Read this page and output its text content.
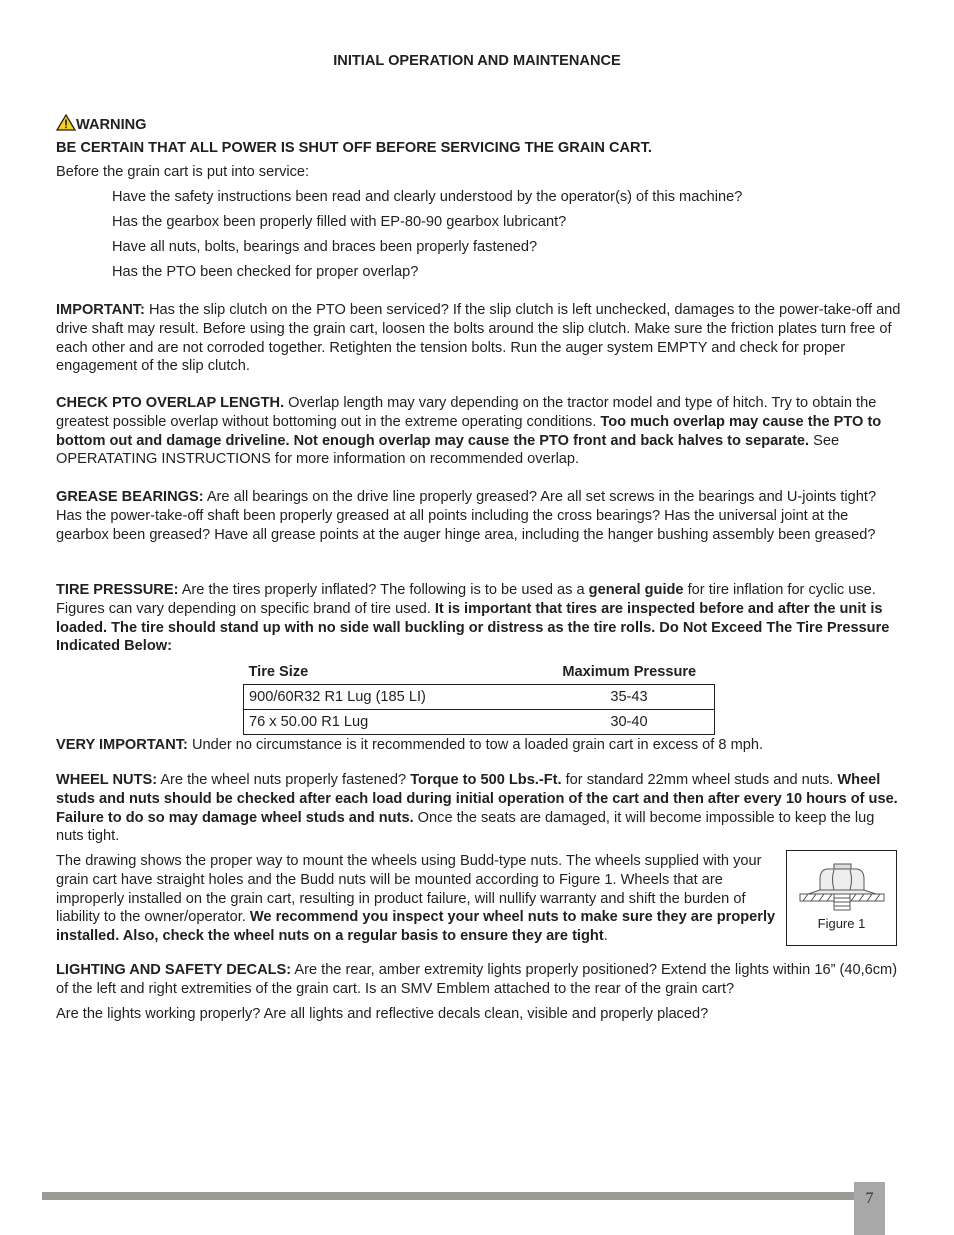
INITIAL OPERATION AND MAINTENANCE
WARNING
BE CERTAIN THAT ALL POWER IS SHUT OFF BEFORE SERVICING THE GRAIN CART.
Before the grain cart is put into service:
Have the safety instructions been read and clearly understood by the operator(s) of this machine?
Has the gearbox been properly filled with EP-80-90 gearbox lubricant?
Have all nuts, bolts, bearings and braces been properly fastened?
Has the PTO been checked for proper overlap?
IMPORTANT: Has the slip clutch on the PTO been serviced? If the slip clutch is left unchecked, damages to the power-take-off and drive shaft may result. Before using the grain cart, loosen the bolts around the slip clutch. Make sure the friction plates turn free of each other and are not corroded together. Retighten the tension bolts. Run the auger system EMPTY and check for proper engagement of the slip clutch.
CHECK PTO OVERLAP LENGTH. Overlap length may vary depending on the tractor model and type of hitch. Try to obtain the greatest possible overlap without bottoming out in the extreme operating conditions. Too much overlap may cause the PTO to bottom out and damage driveline. Not enough overlap may cause the PTO front and back halves to separate. See OPERATATING INSTRUCTIONS for more information on recommended overlap.
GREASE BEARINGS: Are all bearings on the drive line properly greased? Are all set screws in the bearings and U-joints tight? Has the power-take-off shaft been properly greased at all points including the cross bearings? Has the universal joint at the gearbox been greased? Have all grease points at the auger hinge area, including the hanger bushing assembly been greased?
TIRE PRESSURE: Are the tires properly inflated? The following is to be used as a general guide for tire inflation for cyclic use. Figures can vary depending on specific brand of tire used. It is important that tires are inspected before and after the unit is loaded. The tire should stand up with no side wall buckling or distress as the tire rolls. Do Not Exceed The Tire Pressure Indicated Below:
VERY IMPORTANT: Under no circumstance is it recommended to tow a loaded grain cart in excess of 8 mph.
WHEEL NUTS: Are the wheel nuts properly fastened? Torque to 500 Lbs.-Ft. for standard 22mm wheel studs and nuts. Wheel studs and nuts should be checked after each load during initial operation of the cart and then after every 10 hours of use. Failure to do so may damage wheel studs and nuts. Once the seats are damaged, it will become impossible to keep the lug nuts tight.
The drawing shows the proper way to mount the wheels using Budd-type nuts. The wheels supplied with your grain cart have straight holes and the Budd nuts will be mounted according to Figure 1. Wheels that are improperly installed on the grain cart, resulting in product failure, will nullify warranty and shift the burden of liability to the owner/operator. We recommend you inspect your wheel nuts to make sure they are properly installed. Also, check the wheel nuts on a regular basis to ensure they are tight.
LIGHTING AND SAFETY DECALS: Are the rear, amber extremity lights properly positioned? Extend the lights within 16” (40,6cm) of the left and right extremities of the grain cart. Is an SMV Emblem attached to the rear of the grain cart?
Are the lights working properly? Are all lights and reflective decals clean, visible and properly placed?
Tire Size	Maximum Pressure
900/60R32 R1 Lug (185 LI)	35-43
76 x 50.00 R1 Lug	30-40
Figure 1
7
